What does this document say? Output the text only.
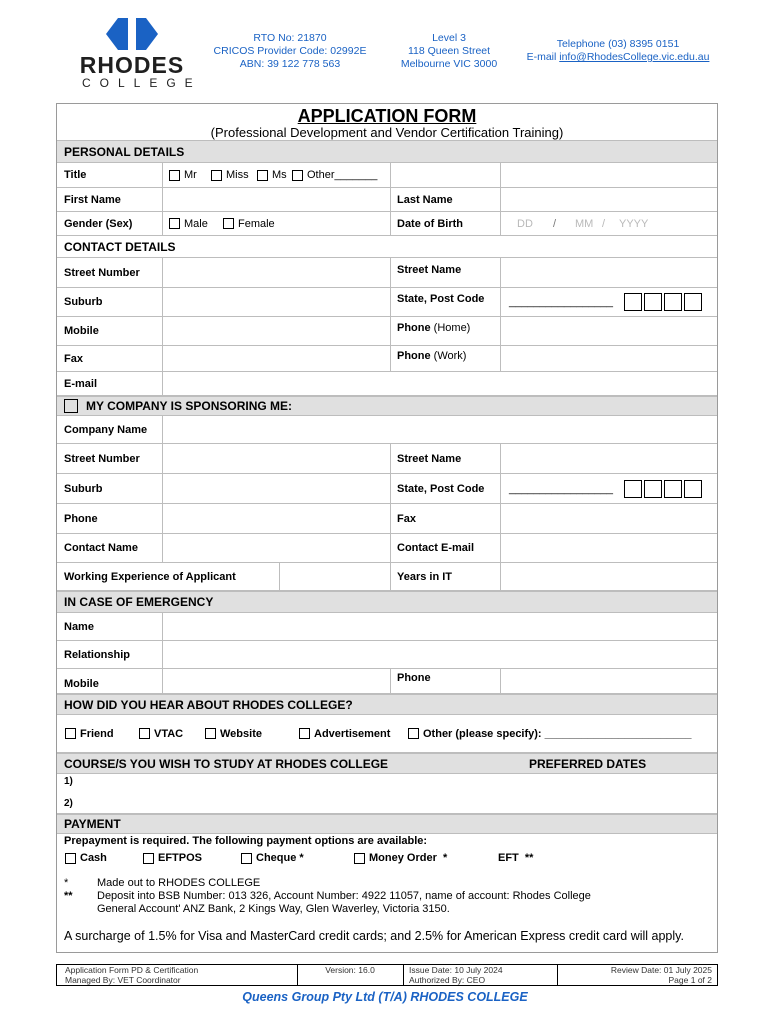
RHODES
COLLEGE
RTO No: 21870
CRICOS Provider Code: 02992E
ABN: 39 122 778 563
Level 3
118 Queen Street
Melbourne VIC 3000
Telephone (03) 8395 0151
E-mail info@RhodesCollege.vic.edu.au
APPLICATION FORM
(Professional Development and Vendor Certification Training)
PERSONAL DETAILS
Title	Mr	Miss Ms Other_______
First Name	Last Name
Gender (Sex)	Male	Female	Date of Birth	DD / MM / YYYY
CONTACT DETAILS
Street Number	Street Name
Suburb	State, Post Code	_________________
Mobile	Phone (Home)
Fax	Phone (Work)
E-mail
MY COMPANY IS SPONSORING ME:
Company Name
Street Number	Street Name
Suburb	State, Post Code	_________________
Phone	Fax
Contact Name	Contact E-mail
Working Experience of Applicant	Years in IT
IN CASE OF EMERGENCY
Name
Relationship
Mobile	Phone
HOW DID YOU HEAR ABOUT RHODES COLLEGE?
Friend	VTAC	Website	Advertisement	Other (please specify): ________________________
COURSE/S YOU WISH TO STUDY AT RHODES COLLEGE	PREFERRED DATES
1)
2)
PAYMENT
Prepayment is required. The following payment options are available:
Cash	EFTPOS	Cheque *	Money Order  *	EFT  **
*	Made out to RHODES COLLEGE
** Deposit into BSB Number: 013 326, Account Number: 4922 11057, name of account: Rhodes College
General Account' ANZ Bank, 2 Kings Way, Glen Waverley, Victoria 3150.
A surcharge of 1.5% for Visa and MasterCard credit cards; and 2.5% for American Express credit card will apply.
Application Form PD & Certification
Managed By: VET Coordinator
Version: 16.0	Issue Date: 10 July 2024
Authorized By: CEO
Review Date: 01 July 2025
Page 1 of 2
Queens Group Pty Ltd (T/A) RHODES COLLEGE
